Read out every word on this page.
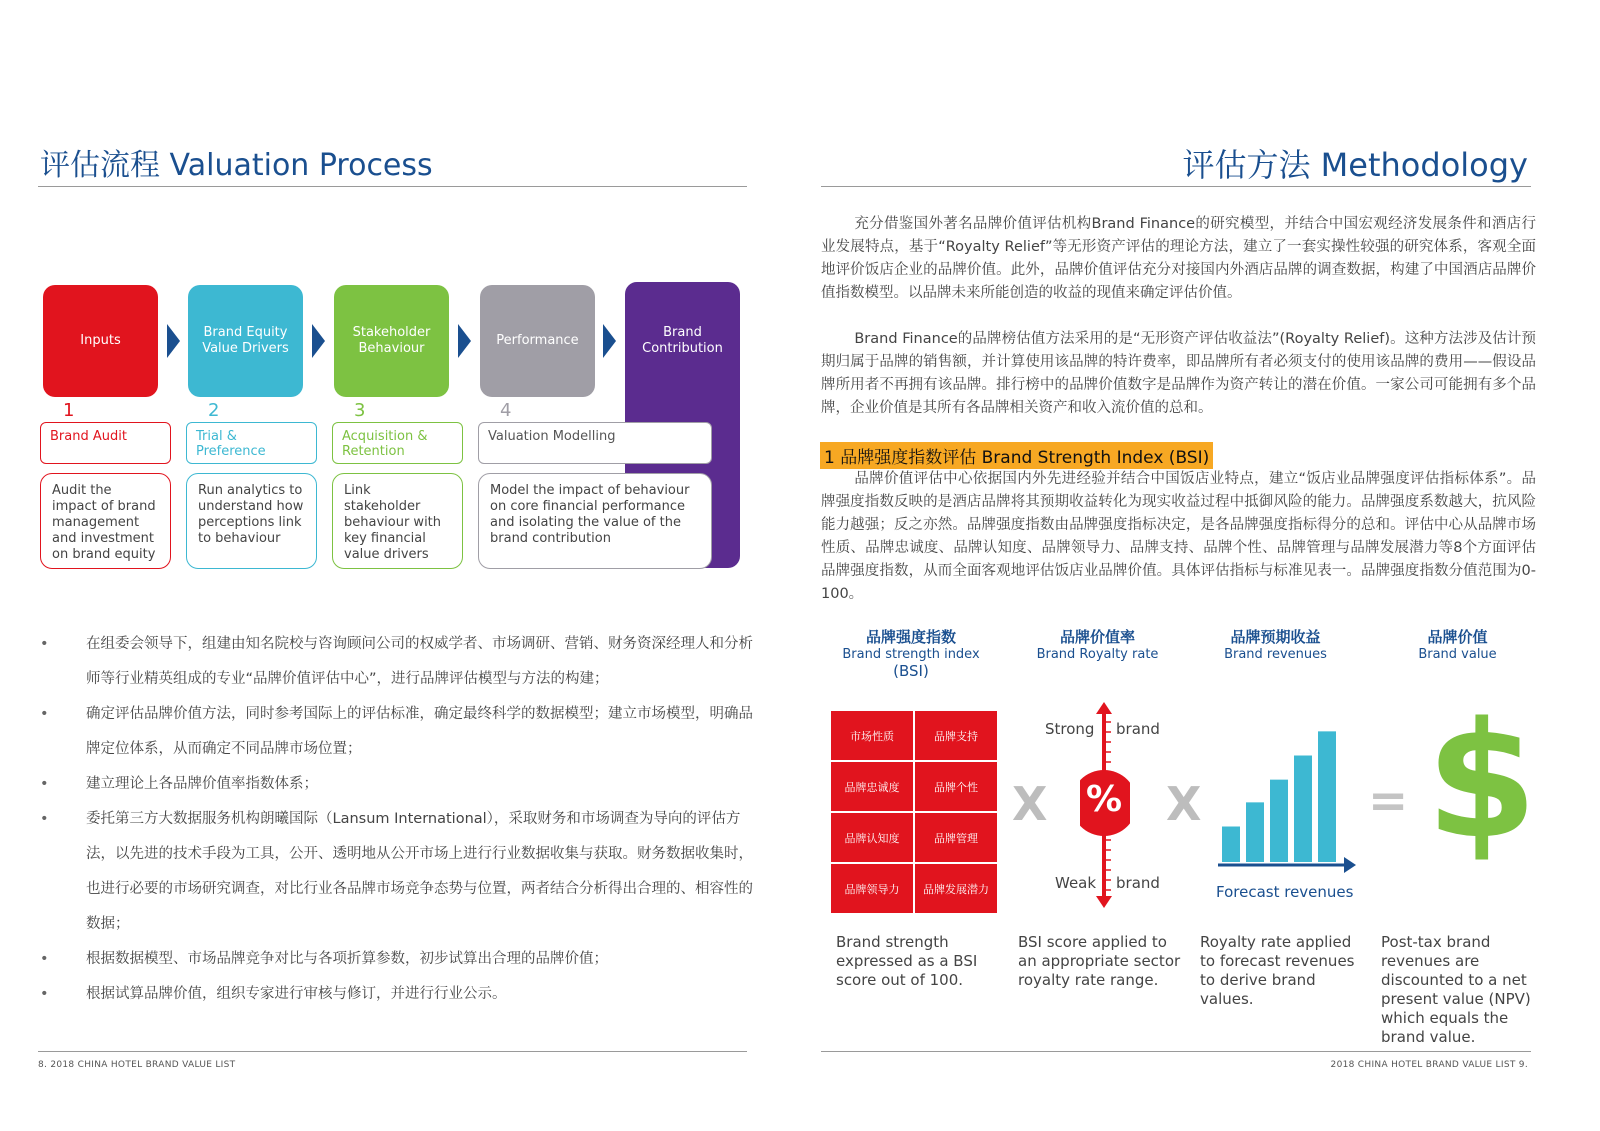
评估流程 Valuation Process
Inputs
Brand Equity Value Drivers
Stakeholder Behaviour
Performance
Brand Contribution
1	2	3	4
Brand Audit	Trial & Preference
Acquisition & Retention
Valuation Modelling
Audit the impact of brand management and investment on brand equity
Run analytics to understand how perceptions link to behaviour
Link stakeholder behaviour with key financial value drivers
Model the impact of behaviour on core financial performance and isolating the value of the brand contribution
• 在组委会领导下，组建由知名院校与咨询顾问公司的权威学者、市场调研、营销、财务资深经理人和分析师等行业精英组成的专业“品牌价值评估中心”，进行品牌评估模型与方法的构建；
• 确定评估品牌价值方法，同时参考国际上的评估标准，确定最终科学的数据模型；建立市场模型，明确品牌定位体系，从而确定不同品牌市场位置；
• 建立理论上各品牌价值率指数体系；
• 委托第三方大数据服务机构朗曦国际（Lansum International），采取财务和市场调查为导向的评估方法，以先进的技术手段为工具，公开、透明地从公开市场上进行行业数据收集与获取。财务数据收集时，也进行必要的市场研究调查，对比行业各品牌市场竞争态势与位置，两者结合分析得出合理的、相容性的数据；
• 根据数据模型、市场品牌竞争对比与各项折算参数，初步试算出合理的品牌价值；
• 根据试算品牌价值，组织专家进行审核与修订，并进行行业公示。
8. 2018 CHINA HOTEL BRAND VALUE LIST
评估方法 Methodology
充分借鉴国外著名品牌价值评估机构Brand Finance的研究模型，并结合中国宏观经济发展条件和酒店行业发展特点，基于“Royalty Relief”等无形资产评估的理论方法，建立了一套实操性较强的研究体系，客观全面地评价饭店企业的品牌价值。此外，品牌价值评估充分对接国内外酒店品牌的调查数据，构建了中国酒店品牌价值指数模型。以品牌未来所能创造的收益的现值来确定评估价值。
Brand Finance的品牌榜估值方法采用的是“无形资产评估收益法”(Royalty Relief)。这种方法涉及估计预期归属于品牌的销售额，并计算使用该品牌的特许费率，即品牌所有者必须支付的使用该品牌的费用——假设品牌所用者不再拥有该品牌。排行榜中的品牌价值数字是品牌作为资产转让的潜在价值。一家公司可能拥有多个品牌，企业价值是其所有各品牌相关资产和收入流价值的总和。
1 品牌强度指数评估 Brand Strength Index (BSI)
品牌价值评估中心依据国内外先进经验并结合中国饭店业特点，建立“饭店业品牌强度评估指标体系”。品牌强度指数反映的是酒店品牌将其预期收益转化为现实收益过程中抵御风险的能力。品牌强度系数越大，抗风险能力越强；反之亦然。品牌强度指数由品牌强度指标决定，是各品牌强度指标得分的总和。评估中心从品牌市场性质、品牌忠诚度、品牌认知度、品牌领导力、品牌支持、品牌个性、品牌管理与品牌发展潜力等8个方面评估品牌强度指数，从而全面客观地评估饭店业品牌价值。具体评估指标与标准见表一。品牌强度指数分值范围为0-100。
品牌强度指数
Brand strength index
(BSI)
品牌价值率
Brand Royalty rate
品牌预期收益
Brand revenues
品牌价值
Brand value
市场性质	品牌支持
品牌忠诚度	品牌个性
品牌认知度	品牌管理
品牌领导力	品牌发展潜力
X	%
Strong brand
Weak brand
X
Forecast revenues
= $
Brand strength expressed as a BSI score out of 100.
BSI score applied to an appropriate sector royalty rate range.
Royalty rate applied to forecast revenues to derive brand values.
Post-tax brand revenues are discounted to a net present value (NPV) which equals the brand value.
2018 CHINA HOTEL BRAND VALUE LIST 9.
